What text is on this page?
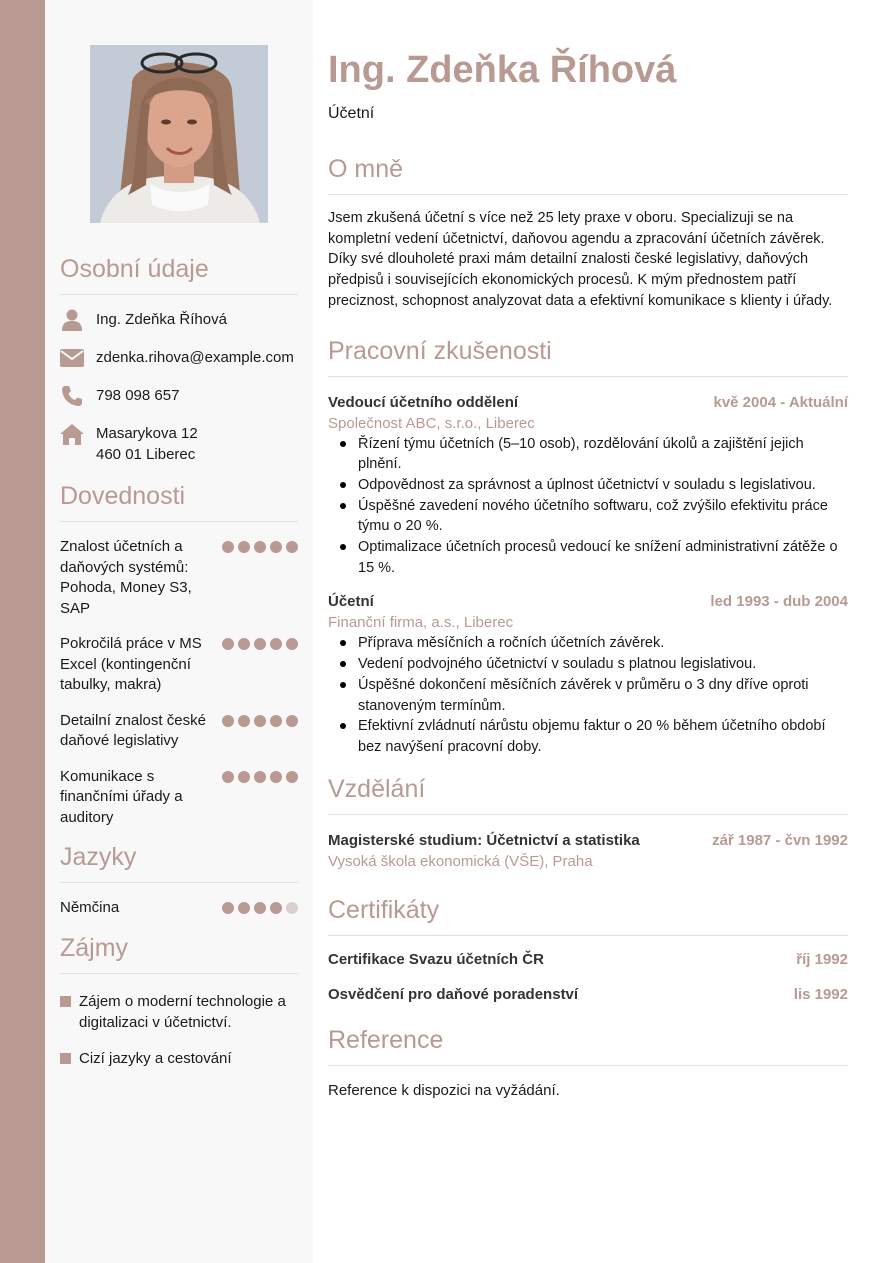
Osobní údaje
Ing. Zdeňka Říhová
zdenka.rihova@example.com
798 098 657
Masarykova 12
460 01 Liberec
Dovednosti
Znalost účetních a daňových systémů: Pohoda, Money S3, SAP
Pokročilá práce v MS Excel (kontingenční tabulky, makra)
Detailní znalost české daňové legislativy
Komunikace s finančními úřady a auditory
Jazyky
Němčina
Zájmy
Zájem o moderní technologie a digitalizaci v účetnictví.
Cizí jazyky a cestování
Ing. Zdeňka Říhová
Účetní
O mně

Jsem zkušená účetní s více než 25 lety praxe v oboru. Specializuji se na kompletní vedení účetnictví, daňovou agendu a zpracování účetních závěrek. Díky své dlouholeté praxi mám detailní znalosti české legislativy, daňových předpisů i souvisejících ekonomických procesů. K mým přednostem patří preciznost, schopnost analyzovat data a efektivní komunikace s klienty i úřady.

Pracovní zkušenosti
Vedoucí účetního oddělení	kvě 2004 - Aktuální
Společnost ABC, s.r.o., Liberec
Řízení týmu účetních (5–10 osob), rozdělování úkolů a zajištění jejich plnění.
Odpovědnost za správnost a úplnost účetnictví v souladu s legislativou.
Úspěšné zavedení nového účetního softwaru, což zvýšilo efektivitu práce týmu o 20 %.
Optimalizace účetních procesů vedoucí ke snížení administrativní zátěže o 15 %.
Účetní	led 1993 - dub 2004
Finanční firma, a.s., Liberec
Příprava měsíčních a ročních účetních závěrek.
Vedení podvojného účetnictví v souladu s platnou legislativou.
Úspěšné dokončení měsíčních závěrek v průměru o 3 dny dříve oproti stanoveným termínům.
Efektivní zvládnutí nárůstu objemu faktur o 20 % během účetního období bez navýšení pracovní doby.
Vzdělání
Magisterské studium: Účetnictví a statistika	zář 1987 - čvn 1992
Vysoká škola ekonomická (VŠE), Praha
Certifikáty
Certifikace Svazu účetních ČR	říj 1992
Osvědčení pro daňové poradenství	lis 1992
Reference

Reference k dispozici na vyžádání.
